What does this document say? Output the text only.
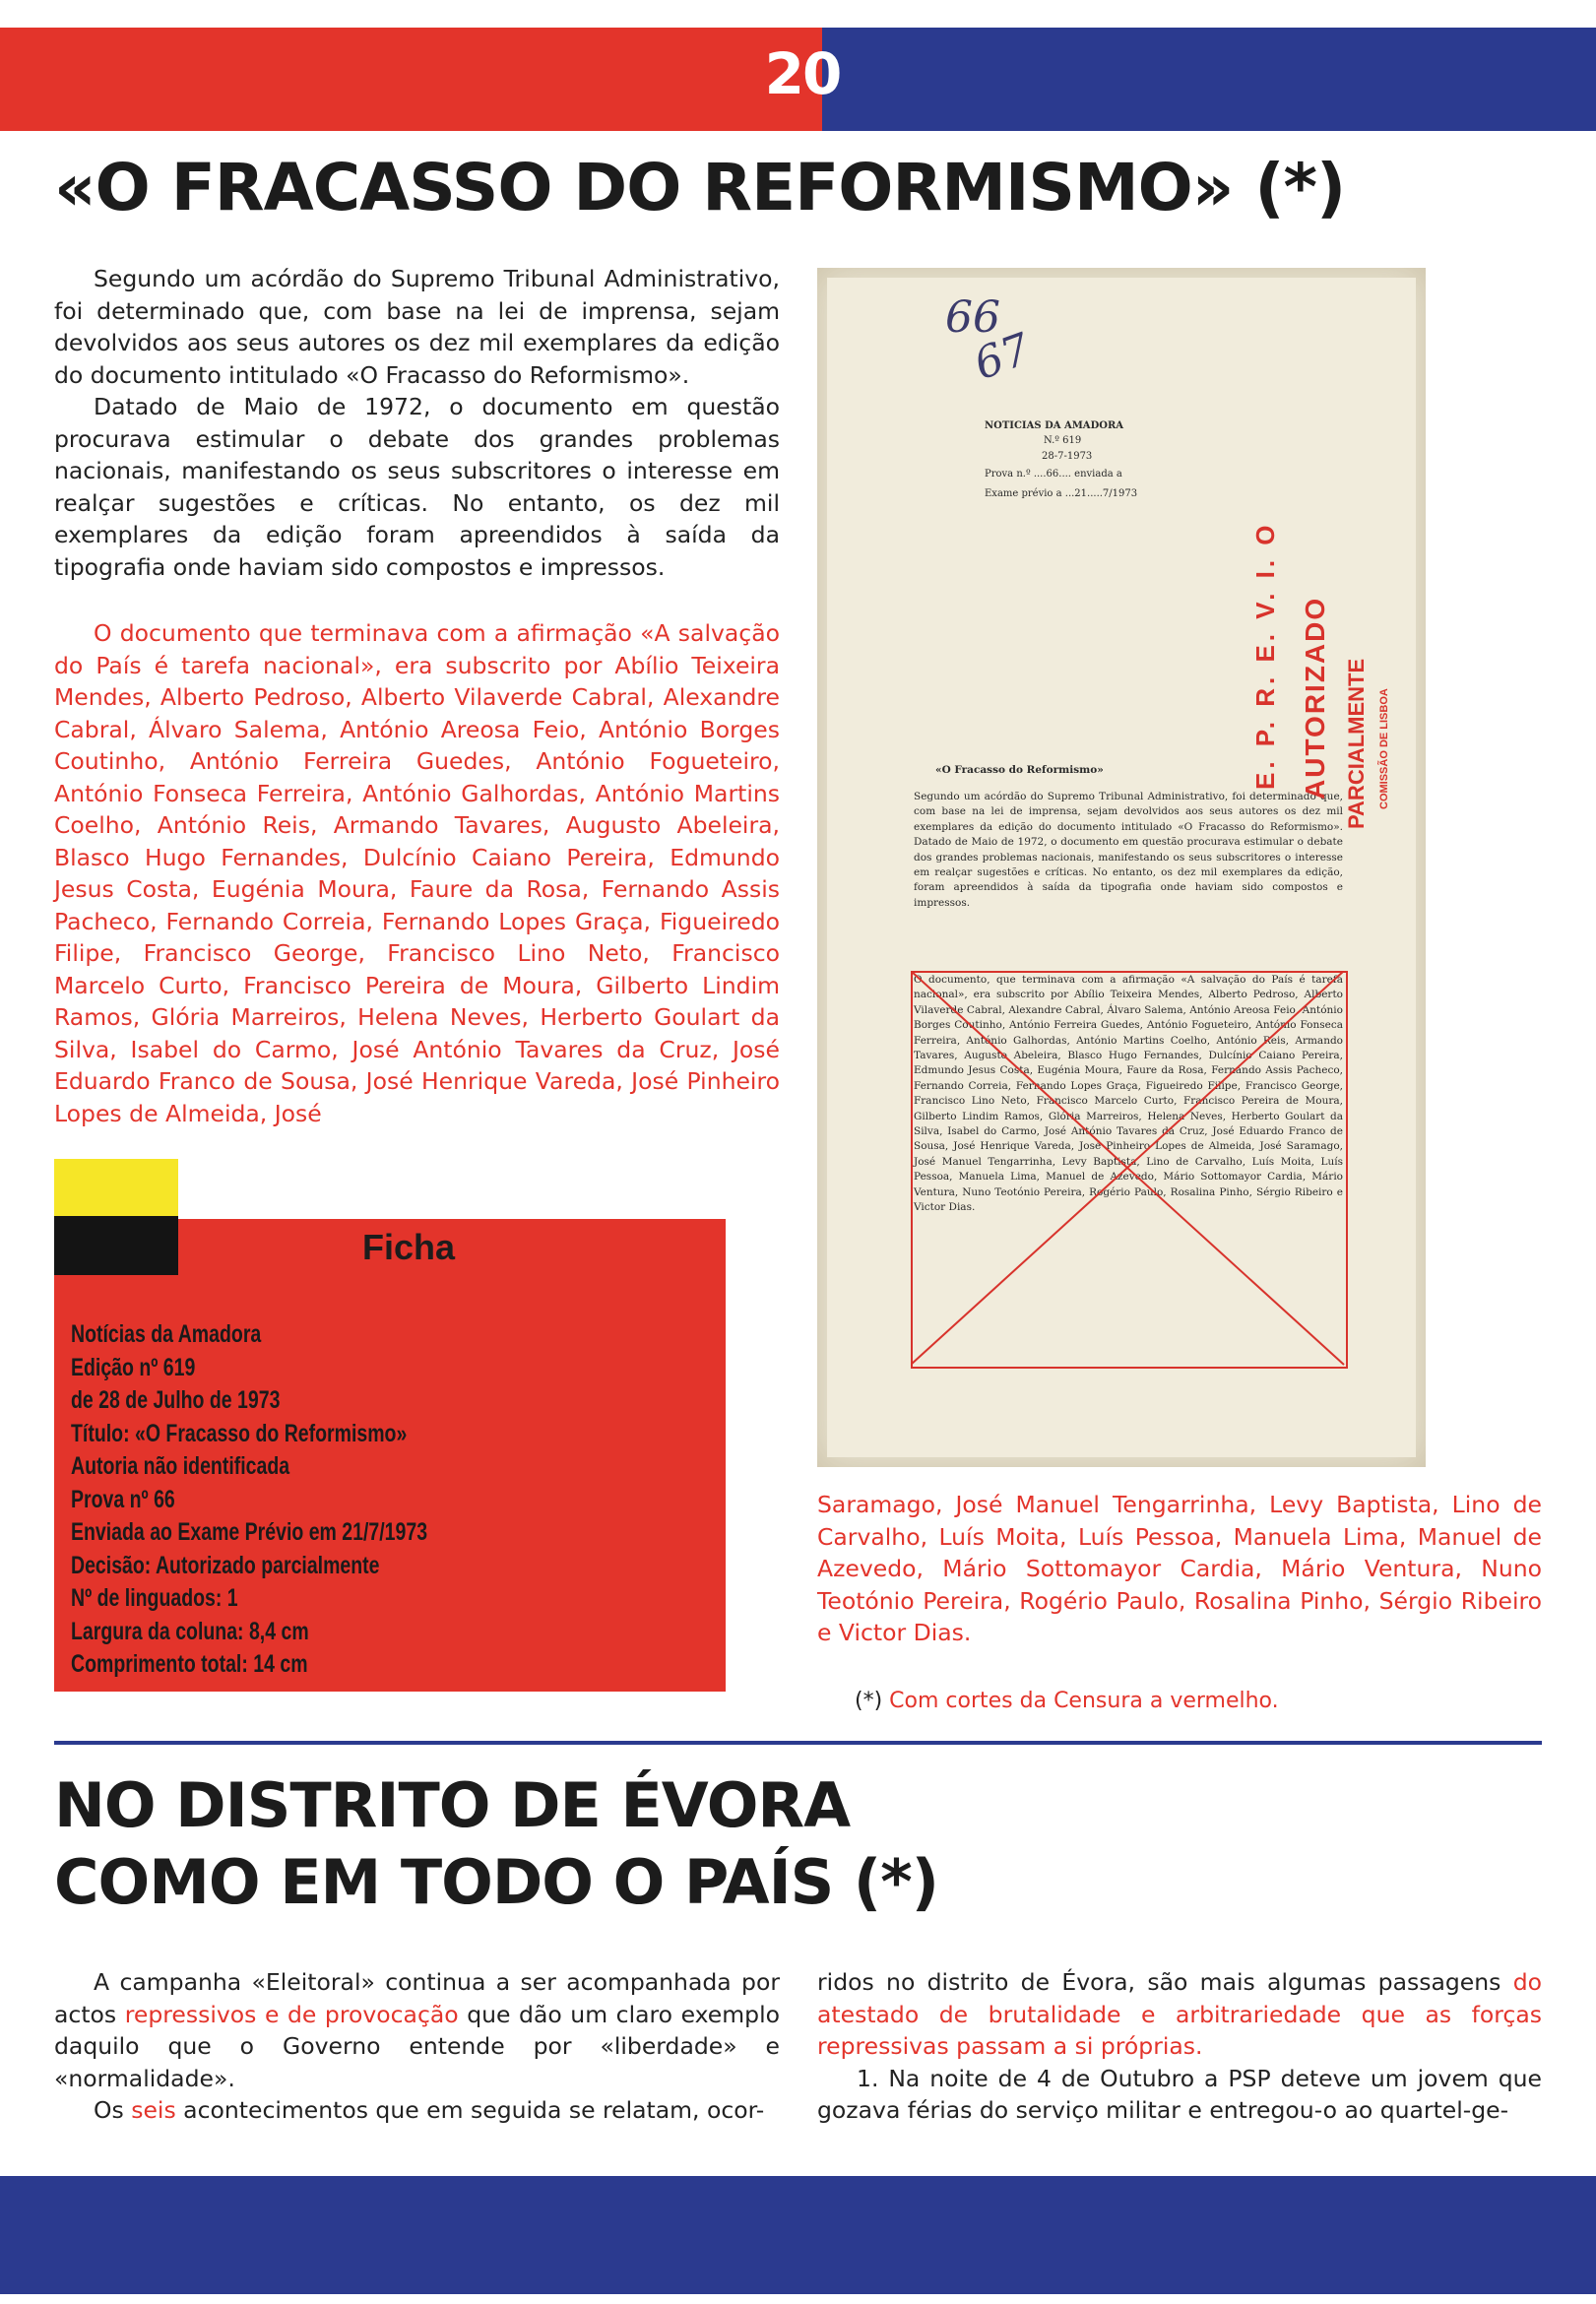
20
«O FRACASSO DO REFORMISMO» (*)

Segundo um acórdão do Supremo Tribunal Administrativo, foi determinado que, com base na lei de imprensa, sejam devolvidos aos seus autores os dez mil exemplares da edição do documento intitulado «O Fracasso do Reformismo».

Datado de Maio de 1972, o documento em questão procurava estimular o debate dos grandes problemas nacionais, manifestando os seus subscritores o interesse em realçar sugestões e críticas. No entanto, os dez mil exemplares da edição foram apreendidos à saída da tipografia onde haviam sido compostos e impressos.

O documento que terminava com a afirmação «A salvação do País é tarefa nacional», era subscrito por Abílio Teixeira Mendes, Alberto Pedroso, Alberto Vilaverde Cabral, Alexandre Cabral, Álvaro Salema, António Areosa Feio, António Borges Coutinho, António Ferreira Guedes, António Fogueteiro, António Fonseca Ferreira, António Galhordas, António Martins Coelho, António Reis, Armando Tavares, Augusto Abeleira, Blasco Hugo Fernandes, Dulcínio Caiano Pereira, Edmundo Jesus Costa, Eugénia Moura, Faure da Rosa, Fernando Assis Pacheco, Fernando Correia, Fernando Lopes Graça, Figueiredo Filipe, Francisco George, Francisco Lino Neto, Francisco Marcelo Curto, Francisco Pereira de Moura, Gilberto Lindim Ramos, Glória Marreiros, Helena Neves, Herberto Goulart da Silva, Isabel do Carmo, José António Tavares da Cruz, José Eduardo Franco de Sousa, José Henrique Vareda, José Pinheiro Lopes de Almeida, José

66
67
NOTICIAS DA AMADORA
N.º 619
28-7-1973
Prova n.º ....66.... enviada a
Exame prévio a ...21.....7/1973
«O Fracasso do Reformismo»
Segundo um acórdão do Supremo Tribunal Administrativo, foi determinado que, com base na lei de imprensa, sejam devolvidos aos seus autores os dez mil exemplares da edição do documento intitulado «O Fracasso do Reformismo». Datado de Maio de 1972, o documento em questão procurava estimular o debate dos grandes problemas nacionais, manifestando os seus subscritores o interesse em realçar sugestões e críticas. No entanto, os dez mil exemplares da edição, foram apreendidos à saída da tipografia onde haviam sido compostos e impressos.
O documento, que terminava com a afirmação «A salvação do País é tarefa nacional», era subscrito por Abílio Teixeira Mendes, Alberto Pedroso, Alberto Vilaverde Cabral, Alexandre Cabral, Álvaro Salema, António Areosa Feio, António Borges Coutinho, António Ferreira Guedes, António Fogueteiro, António Fonseca Ferreira, António Galhordas, António Martins Coelho, António Reis, Armando Tavares, Augusto Abeleira, Blasco Hugo Fernandes, Dulcínio Caiano Pereira, Edmundo Jesus Costa, Eugénia Moura, Faure da Rosa, Fernando Assis Pacheco, Fernando Correia, Fernando Lopes Graça, Figueiredo Filipe, Francisco George, Francisco Lino Neto, Francisco Marcelo Curto, Francisco Pereira de Moura, Gilberto Lindim Ramos, Glória Marreiros, Helena Neves, Herberto Goulart da Silva, Isabel do Carmo, José António Tavares da Cruz, José Eduardo Franco de Sousa, José Henrique Vareda, José Pinheiro Lopes de Almeida, José Saramago, José Manuel Tengarrinha, Levy Baptista, Lino de Carvalho, Luís Moita, Luís Pessoa, Manuela Lima, Manuel de Azevedo, Mário Sottomayor Cardia, Mário Ventura, Nuno Teotónio Pereira, Rogério Paulo, Rosalina Pinho, Sérgio Ribeiro e Victor Dias.
E. P. R. E. V. I. O AUTORIZADO PARCIALMENTE COMISSÃO DE LISBOA
Ficha
Notícias da Amadora
Edição nº 619
de 28 de Julho de 1973
Título: «O Fracasso do Reformismo»
Autoria não identificada
Prova nº 66
Enviada ao Exame Prévio em 21/7/1973
Decisão: Autorizado parcialmente
Nº de linguados: 1
Largura da coluna: 8,4 cm
Comprimento total: 14 cm

Saramago, José Manuel Tengarrinha, Levy Baptista, Lino de Carvalho, Luís Moita, Luís Pessoa, Manuela Lima, Manuel de Azevedo, Mário Sottomayor Cardia, Mário Ventura, Nuno Teotónio Pereira, Rogério Paulo, Rosalina Pinho, Sérgio Ribeiro e Victor Dias.

(*) Com cortes da Censura a vermelho.
NO DISTRITO DE ÉVORA
COMO EM TODO O PAÍS (*)

A campanha «Eleitoral» continua a ser acompanhada por actos repressivos e de provocação que dão um claro exemplo daquilo que o Governo entende por «liberdade» e «normalidade».

Os seis acontecimentos que em seguida se relatam, ocor-

ridos no distrito de Évora, são mais algumas passagens do atestado de brutalidade e arbitrariedade que as forças repressivas passam a si próprias.

1. Na noite de 4 de Outubro a PSP deteve um jovem que gozava férias do serviço militar e entregou-o ao quartel-ge-
